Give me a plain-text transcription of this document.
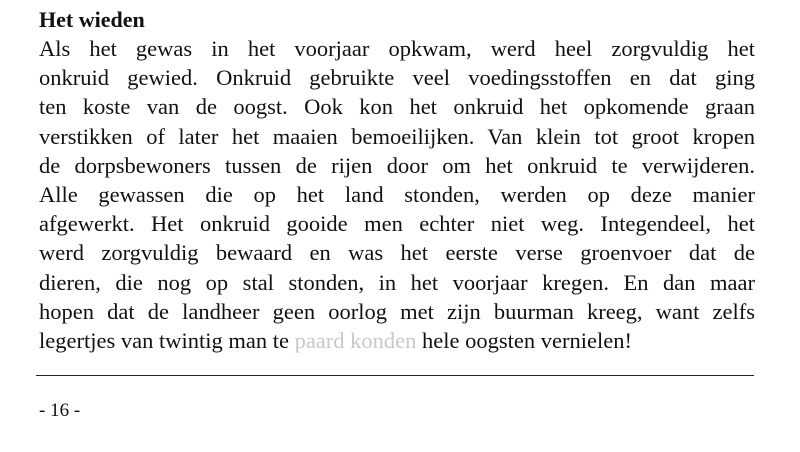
Het wieden
Als het gewas in het voorjaar opkwam, werd heel zorgvuldig het
onkruid gewied. Onkruid gebruikte veel voedingsstoffen en dat ging
ten koste van de oogst. Ook kon het onkruid het opkomende graan
verstikken of later het maaien bemoeilijken. Van klein tot groot kropen
de dorpsbewoners tussen de rijen door om het onkruid te verwijderen.
Alle gewassen die op het land stonden, werden op deze manier
afgewerkt. Het onkruid gooide men echter niet weg. Integendeel, het
werd zorgvuldig bewaard en was het eerste verse groenvoer dat de
dieren, die nog op stal stonden, in het voorjaar kregen. En dan maar
hopen dat de landheer geen oorlog met zijn buurman kreeg, want zelfs
legertjes van twintig man te paard konden hele oogsten vernielen!
- 16 -
